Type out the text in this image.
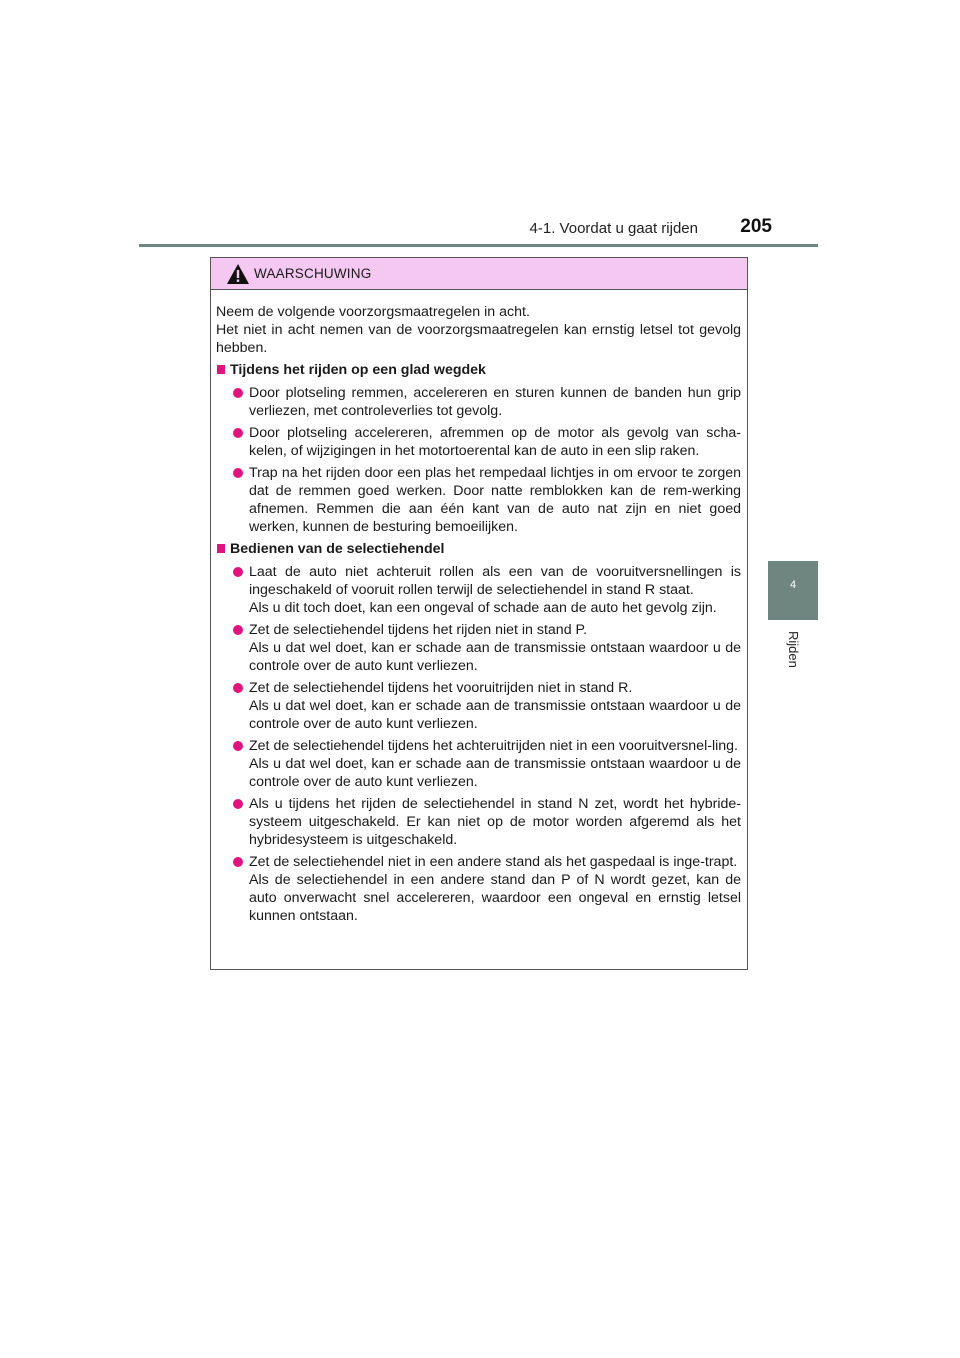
4-1. Voordat u gaat rijden 205
4
Rijden
WAARSCHUWING

Neem de volgende voorzorgsmaatregelen in acht.
Het niet in acht nemen van de voorzorgsmaatregelen kan ernstig letsel tot gevolg hebben.

Tijdens het rijden op een glad wegdek
Door plotseling remmen, accelereren en sturen kunnen de banden hun grip verliezen, met controleverlies tot gevolg.
Door plotseling accelereren, afremmen op de motor als gevolg van scha-kelen, of wijzigingen in het motortoerental kan de auto in een slip raken.
Trap na het rijden door een plas het rempedaal lichtjes in om ervoor te zorgen dat de remmen goed werken. Door natte remblokken kan de rem-werking afnemen. Remmen die aan één kant van de auto nat zijn en niet goed werken, kunnen de besturing bemoeilijken.
Bedienen van de selectiehendel
Laat de auto niet achteruit rollen als een van de vooruitversnellingen is ingeschakeld of vooruit rollen terwijl de selectiehendel in stand R staat.
Als u dit toch doet, kan een ongeval of schade aan de auto het gevolg zijn.
Zet de selectiehendel tijdens het rijden niet in stand P.
Als u dat wel doet, kan er schade aan de transmissie ontstaan waardoor u de controle over de auto kunt verliezen.
Zet de selectiehendel tijdens het vooruitrijden niet in stand R.
Als u dat wel doet, kan er schade aan de transmissie ontstaan waardoor u de controle over de auto kunt verliezen.
Zet de selectiehendel tijdens het achteruitrijden niet in een vooruitversnel-ling.
Als u dat wel doet, kan er schade aan de transmissie ontstaan waardoor u de controle over de auto kunt verliezen.
Als u tijdens het rijden de selectiehendel in stand N zet, wordt het hybride-systeem uitgeschakeld. Er kan niet op de motor worden afgeremd als het hybridesysteem is uitgeschakeld.
Zet de selectiehendel niet in een andere stand als het gaspedaal is inge-trapt.
Als de selectiehendel in een andere stand dan P of N wordt gezet, kan de auto onverwacht snel accelereren, waardoor een ongeval en ernstig letsel kunnen ontstaan.
